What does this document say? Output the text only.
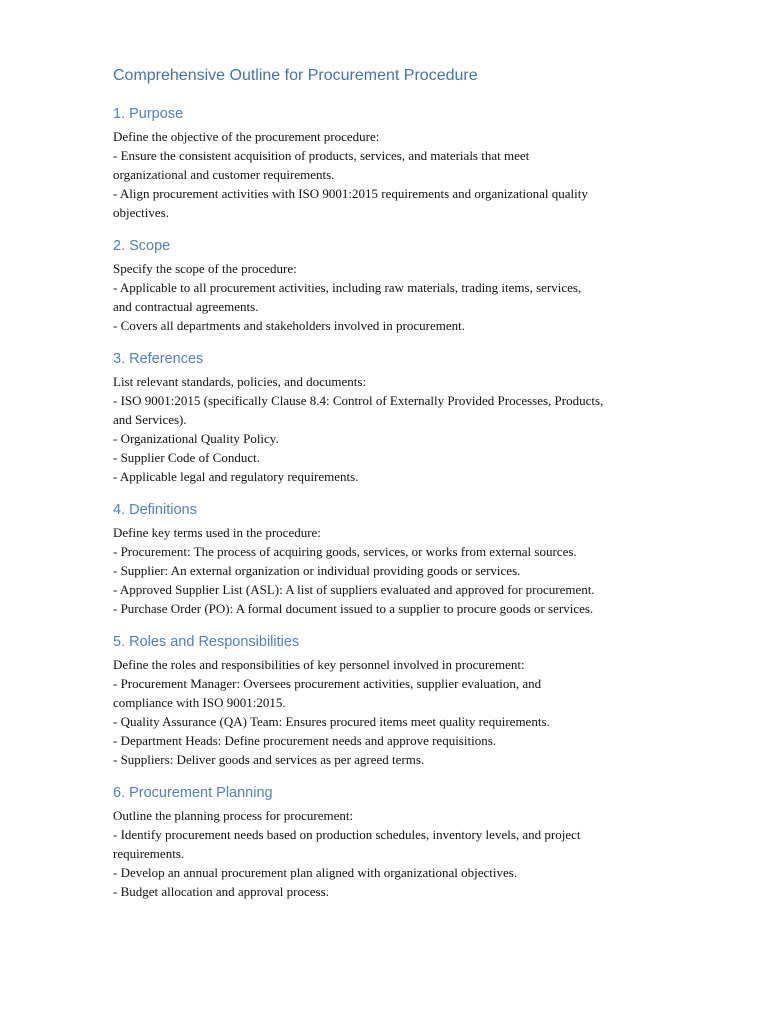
Comprehensive Outline for Procurement Procedure
1. Purpose
Define the objective of the procurement procedure:
- Ensure the consistent acquisition of products, services, and materials that meet
organizational and customer requirements.
- Align procurement activities with ISO 9001:2015 requirements and organizational quality
objectives.
2. Scope
Specify the scope of the procedure:
- Applicable to all procurement activities, including raw materials, trading items, services,
and contractual agreements.
- Covers all departments and stakeholders involved in procurement.
3. References
List relevant standards, policies, and documents:
- ISO 9001:2015 (specifically Clause 8.4: Control of Externally Provided Processes, Products,
and Services).
- Organizational Quality Policy.
- Supplier Code of Conduct.
- Applicable legal and regulatory requirements.
4. Definitions
Define key terms used in the procedure:
- Procurement: The process of acquiring goods, services, or works from external sources.
- Supplier: An external organization or individual providing goods or services.
- Approved Supplier List (ASL): A list of suppliers evaluated and approved for procurement.
- Purchase Order (PO): A formal document issued to a supplier to procure goods or services.
5. Roles and Responsibilities
Define the roles and responsibilities of key personnel involved in procurement:
- Procurement Manager: Oversees procurement activities, supplier evaluation, and
compliance with ISO 9001:2015.
- Quality Assurance (QA) Team: Ensures procured items meet quality requirements.
- Department Heads: Define procurement needs and approve requisitions.
- Suppliers: Deliver goods and services as per agreed terms.
6. Procurement Planning
Outline the planning process for procurement:
- Identify procurement needs based on production schedules, inventory levels, and project
requirements.
- Develop an annual procurement plan aligned with organizational objectives.
- Budget allocation and approval process.
